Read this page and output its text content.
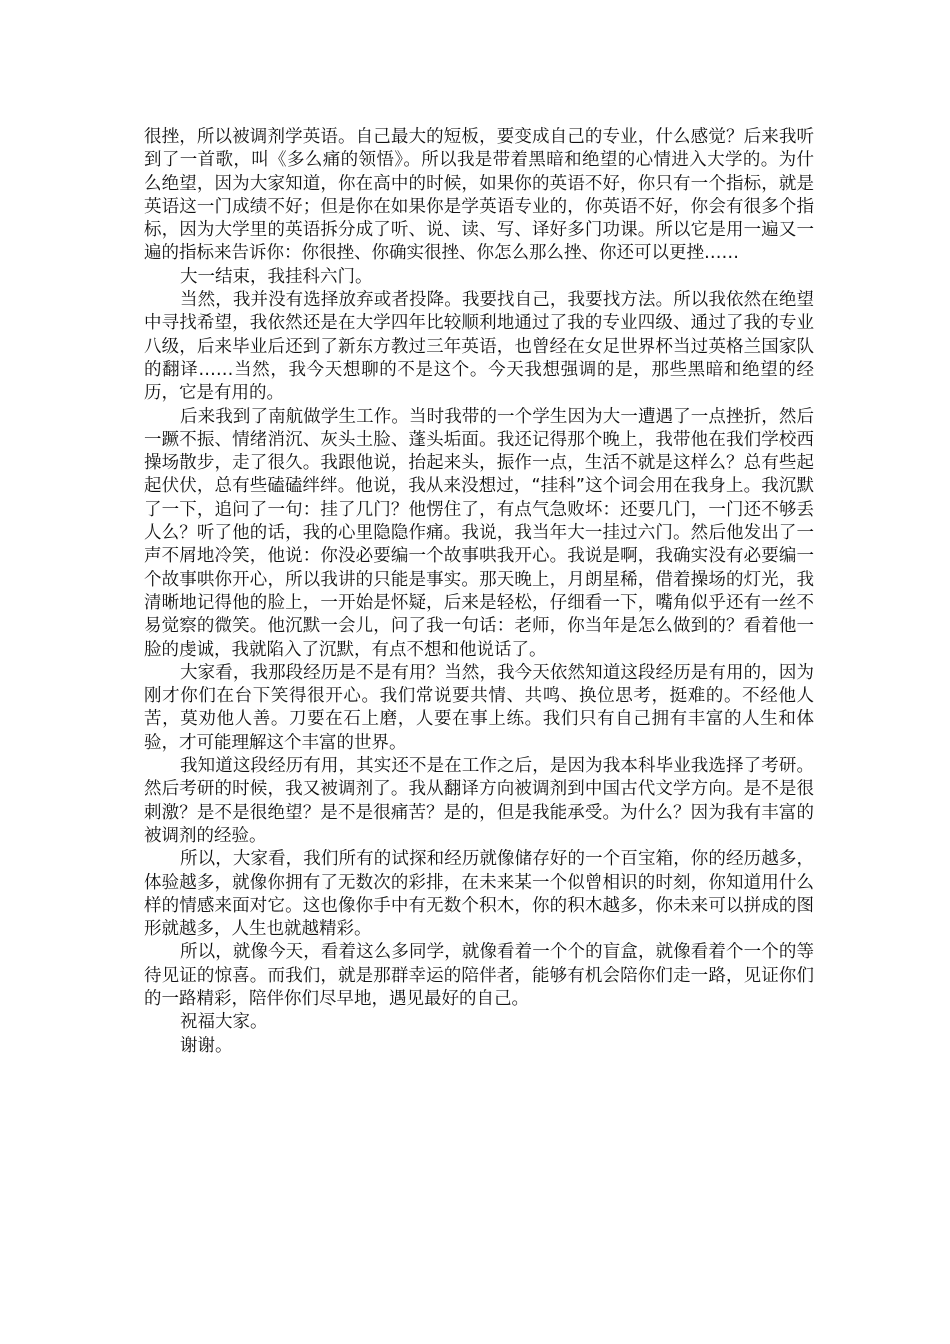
很挫，所以被调剂学英语。自己最大的短板，要变成自己的专业，什么感觉？后来我听到了一首歌，叫《多么痛的领悟》。所以我是带着黑暗和绝望的心情进入大学的。为什么绝望，因为大家知道，你在高中的时候，如果你的英语不好，你只有一个指标，就是英语这一门成绩不好；但是你在如果你是学英语专业的，你英语不好，你会有很多个指标，因为大学里的英语拆分成了听、说、读、写、译好多门功课。所以它是用一遍又一遍的指标来告诉你：你很挫、你确实很挫、你怎么那么挫、你还可以更挫……

大一结束，我挂科六门。

当然，我并没有选择放弃或者投降。我要找自己，我要找方法。所以我依然在绝望中寻找希望，我依然还是在大学四年比较顺利地通过了我的专业四级、通过了我的专业八级，后来毕业后还到了新东方教过三年英语，也曾经在女足世界杯当过英格兰国家队的翻译……当然，我今天想聊的不是这个。今天我想强调的是，那些黑暗和绝望的经历，它是有用的。

后来我到了南航做学生工作。当时我带的一个学生因为大一遭遇了一点挫折，然后一蹶不振、情绪消沉、灰头土脸、蓬头垢面。我还记得那个晚上，我带他在我们学校西操场散步，走了很久。我跟他说，抬起来头，振作一点，生活不就是这样么？总有些起起伏伏，总有些磕磕绊绊。他说，我从来没想过，“挂科”这个词会用在我身上。我沉默了一下，追问了一句：挂了几门？他愣住了，有点气急败坏：还要几门，一门还不够丢人么？听了他的话，我的心里隐隐作痛。我说，我当年大一挂过六门。然后他发出了一声不屑地冷笑，他说：你没必要编一个故事哄我开心。我说是啊，我确实没有必要编一个故事哄你开心，所以我讲的只能是事实。那天晚上，月朗星稀，借着操场的灯光，我清晰地记得他的脸上，一开始是怀疑，后来是轻松，仔细看一下，嘴角似乎还有一丝不易觉察的微笑。他沉默一会儿，问了我一句话：老师，你当年是怎么做到的？看着他一脸的虔诚，我就陷入了沉默，有点不想和他说话了。

大家看，我那段经历是不是有用？当然，我今天依然知道这段经历是有用的，因为刚才你们在台下笑得很开心。我们常说要共情、共鸣、换位思考，挺难的。不经他人苦，莫劝他人善。刀要在石上磨，人要在事上练。我们只有自己拥有丰富的人生和体验，才可能理解这个丰富的世界。

我知道这段经历有用，其实还不是在工作之后，是因为我本科毕业我选择了考研。然后考研的时候，我又被调剂了。我从翻译方向被调剂到中国古代文学方向。是不是很刺激？是不是很绝望？是不是很痛苦？是的，但是我能承受。为什么？因为我有丰富的被调剂的经验。

所以，大家看，我们所有的试探和经历就像储存好的一个百宝箱，你的经历越多，体验越多，就像你拥有了无数次的彩排，在未来某一个似曾相识的时刻，你知道用什么样的情感来面对它。这也像你手中有无数个积木，你的积木越多，你未来可以拼成的图形就越多，人生也就越精彩。

所以，就像今天，看着这么多同学，就像看着一个个的盲盒，就像看着个一个的等待见证的惊喜。而我们，就是那群幸运的陪伴者，能够有机会陪你们走一路，见证你们的一路精彩，陪伴你们尽早地，遇见最好的自己。

祝福大家。

谢谢。
